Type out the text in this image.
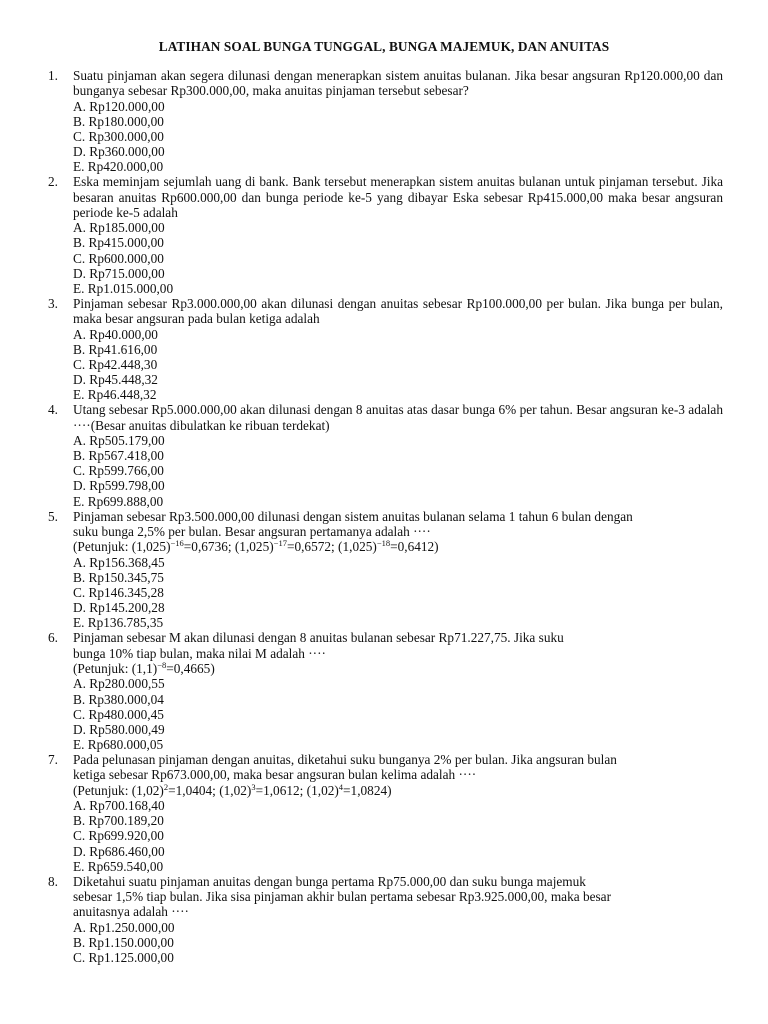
LATIHAN SOAL BUNGA TUNGGAL, BUNGA MAJEMUK, DAN ANUITAS
1. Suatu pinjaman akan segera dilunasi dengan menerapkan sistem anuitas bulanan. Jika besar angsuran Rp120.000,00 dan bunganya sebesar Rp300.000,00, maka anuitas pinjaman tersebut sebesar?
A. Rp120.000,00
B. Rp180.000,00
C. Rp300.000,00
D. Rp360.000,00
E. Rp420.000,00
2. Eska meminjam sejumlah uang di bank. Bank tersebut menerapkan sistem anuitas bulanan untuk pinjaman tersebut. Jika besaran anuitas Rp600.000,00 dan bunga periode ke-5 yang dibayar Eska sebesar Rp415.000,00 maka besar angsuran periode ke-5 adalah
A. Rp185.000,00
B. Rp415.000,00
C. Rp600.000,00
D. Rp715.000,00
E. Rp1.015.000,00
3. Pinjaman sebesar Rp3.000.000,00 akan dilunasi dengan anuitas sebesar Rp100.000,00 per bulan. Jika bunga per bulan, maka besar angsuran pada bulan ketiga adalah
A. Rp40.000,00
B. Rp41.616,00
C. Rp42.448,30
D. Rp45.448,32
E. Rp46.448,32
4. Utang sebesar Rp5.000.000,00 akan dilunasi dengan 8 anuitas atas dasar bunga 6% per tahun. Besar angsuran ke-3 adalah ····(Besar anuitas dibulatkan ke ribuan terdekat)
A. Rp505.179,00
B. Rp567.418,00
C. Rp599.766,00
D. Rp599.798,00
E. Rp699.888,00
5. Pinjaman sebesar Rp3.500.000,00 dilunasi dengan sistem anuitas bulanan selama 1 tahun 6 bulan dengan
suku bunga 2,5% per bulan. Besar angsuran pertamanya adalah ····
(Petunjuk: $(1,025)^{-16}=0,6736$; $(1,025)^{-17}=0,6572$; $(1,025)^{-18}=0,6412$)
A. Rp156.368,45
B. Rp150.345,75
C. Rp146.345,28
D. Rp145.200,28
E. Rp136.785,35
6. Pinjaman sebesar M akan dilunasi dengan 8 anuitas bulanan sebesar Rp71.227,75. Jika suku
bunga 10% tiap bulan, maka nilai M adalah ····
(Petunjuk: $(1,1)^{-8}=0,4665$)
A. Rp280.000,55
B. Rp380.000,04
C. Rp480.000,45
D. Rp580.000,49
E. Rp680.000,05
7. Pada pelunasan pinjaman dengan anuitas, diketahui suku bunganya 2% per bulan. Jika angsuran bulan
ketiga sebesar Rp673.000,00, maka besar angsuran bulan kelima adalah ····
(Petunjuk: $(1,02)^2=1,0404$; $(1,02)^3=1,0612$; $(1,02)^4=1,0824$)
A. Rp700.168,40
B. Rp700.189,20
C. Rp699.920,00
D. Rp686.460,00
E. Rp659.540,00
8. Diketahui suatu pinjaman anuitas dengan bunga pertama Rp75.000,00 dan suku bunga majemuk
sebesar 1,5% tiap bulan. Jika sisa pinjaman akhir bulan pertama sebesar Rp3.925.000,00, maka besar
anuitasnya adalah ····
A. Rp1.250.000,00
B. Rp1.150.000,00
C. Rp1.125.000,00
